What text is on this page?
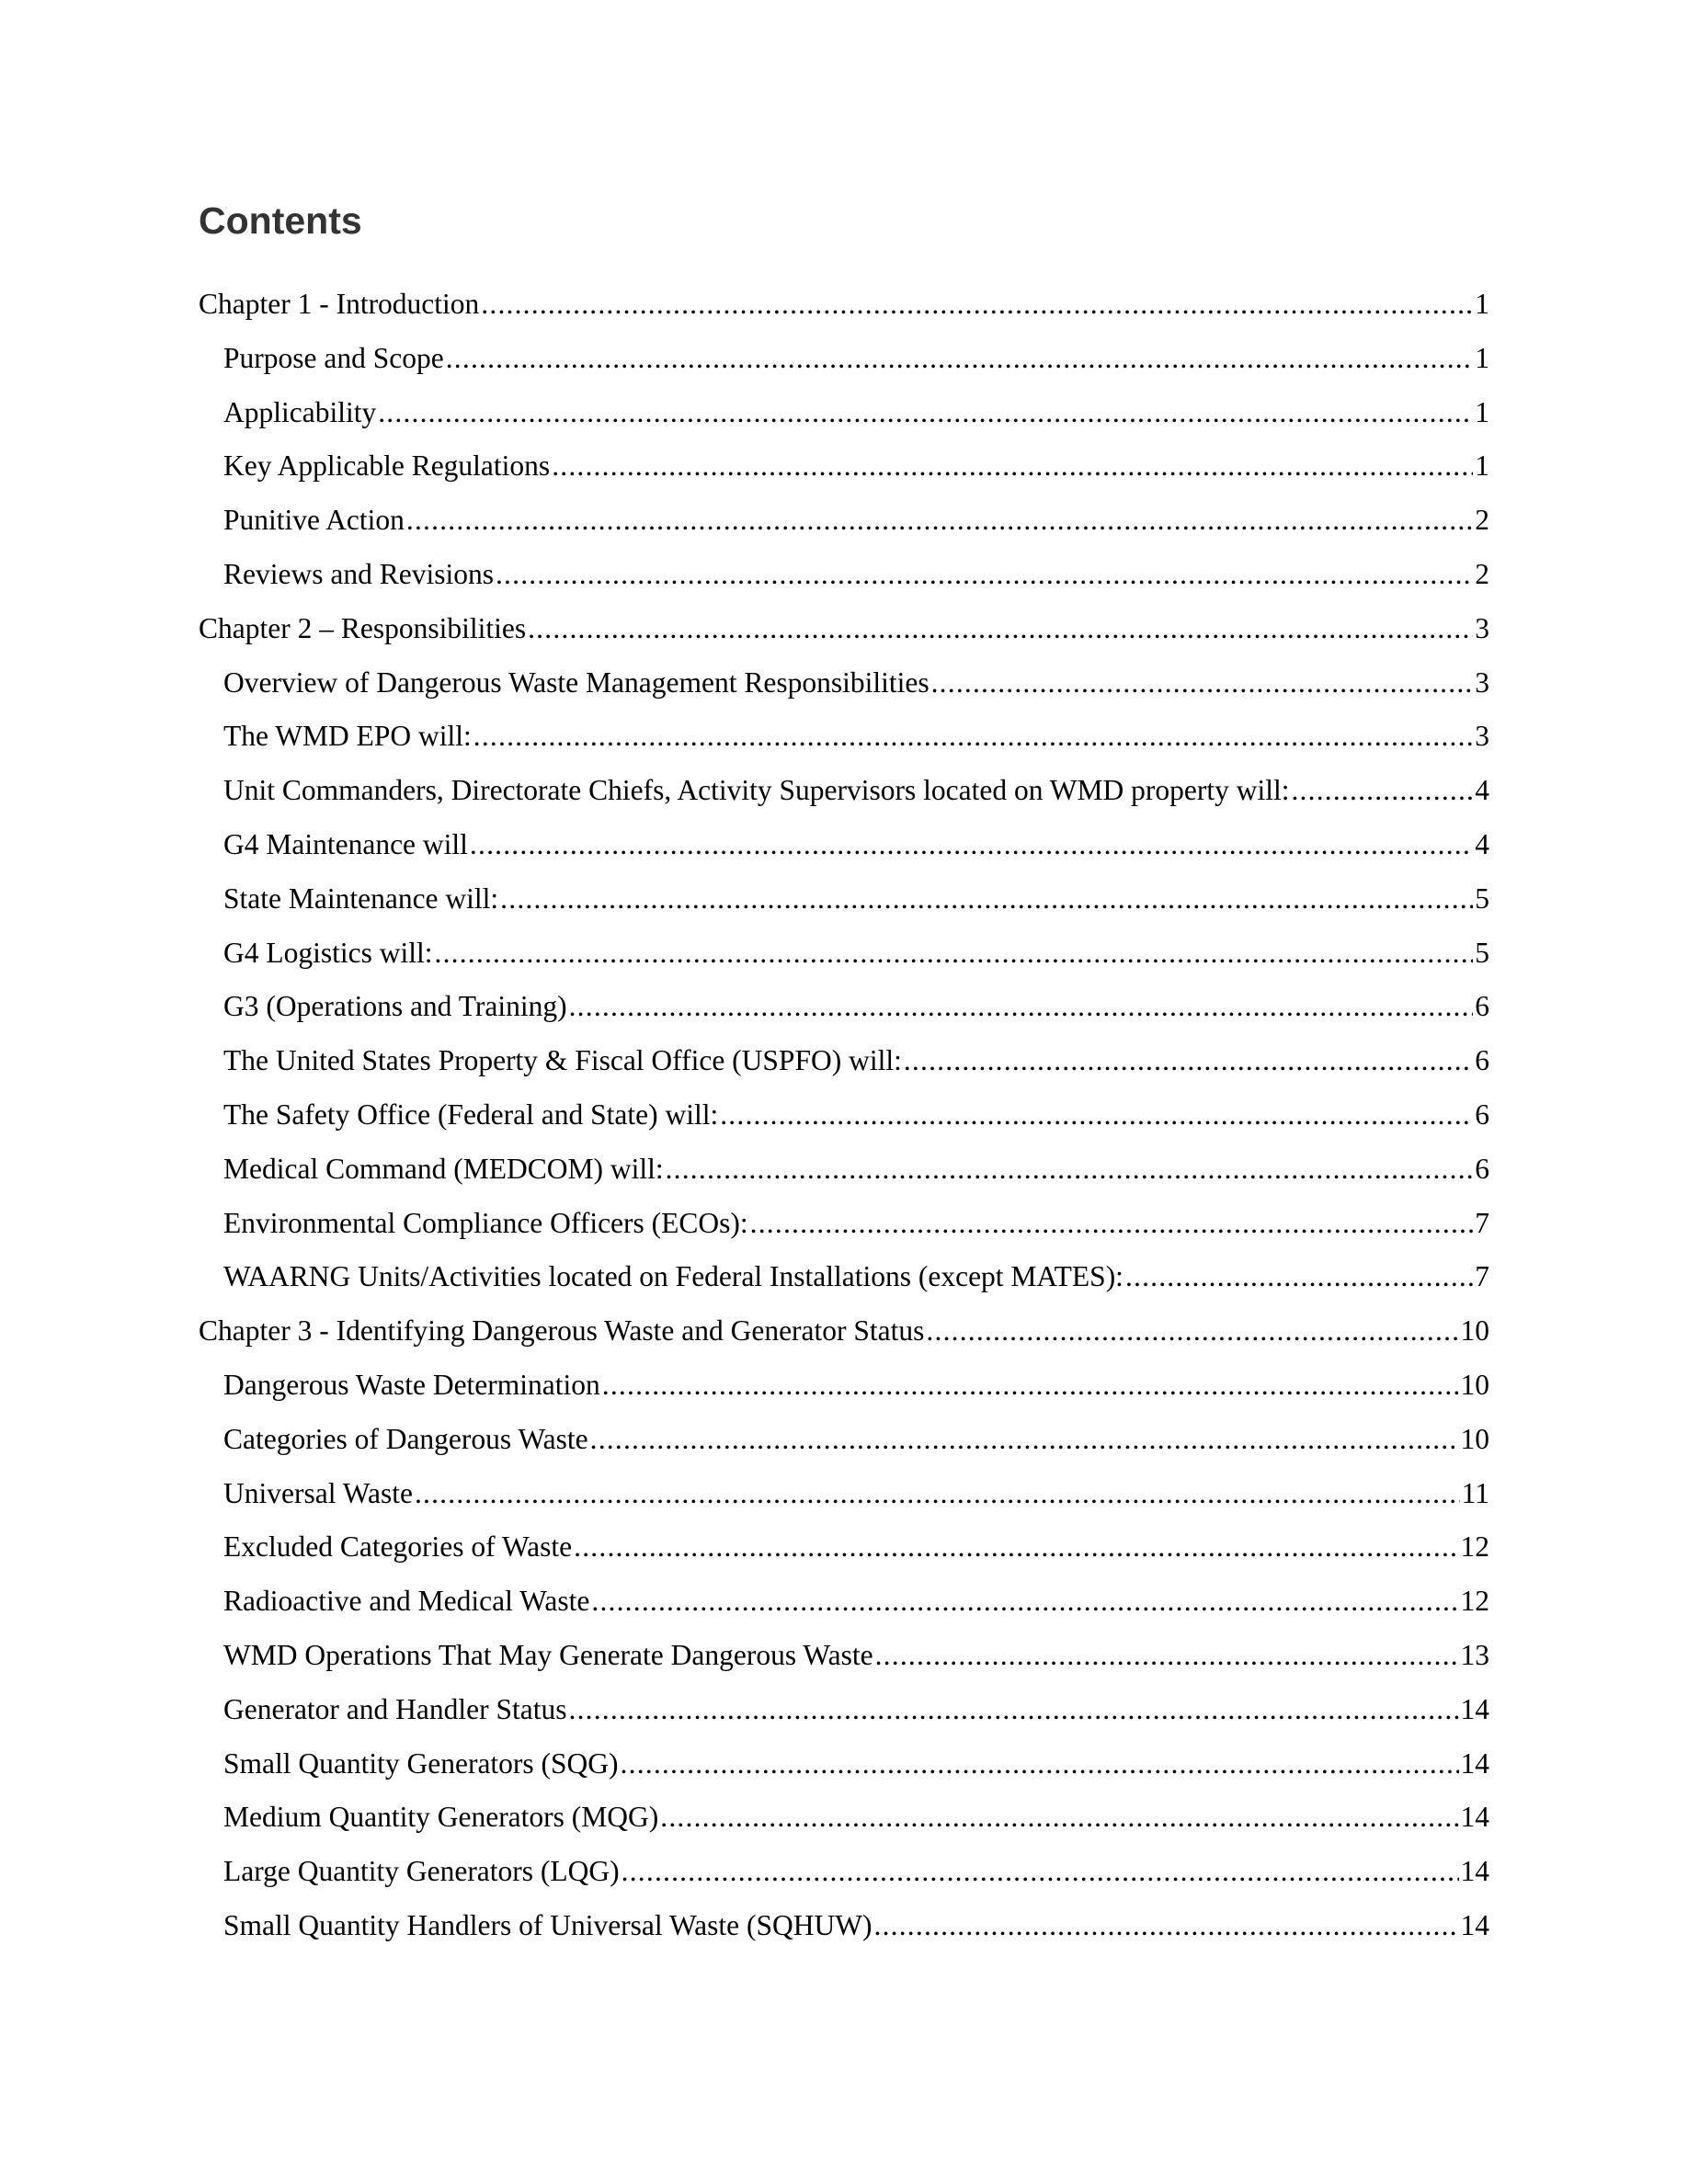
Contents
Chapter 1 - Introduction .....	1
Purpose and Scope .....	1
Applicability .....	1
Key Applicable Regulations .....	1
Punitive Action .....	2
Reviews and Revisions .....	2
Chapter 2 – Responsibilities .....	3
Overview of Dangerous Waste Management Responsibilities .....	3
The WMD EPO will: .....	3
Unit Commanders, Directorate Chiefs, Activity Supervisors located on WMD property will: .....	4
G4 Maintenance will .....	4
State Maintenance will: .....	5
G4 Logistics will: .....	5
G3 (Operations and Training) .....	6
The United States Property & Fiscal Office (USPFO) will: .....	6
The Safety Office (Federal and State) will: .....	6
Medical Command (MEDCOM) will: .....	6
Environmental Compliance Officers (ECOs): .....	7
WAARNG Units/Activities located on Federal Installations (except MATES): .....	7
Chapter 3 - Identifying Dangerous Waste and Generator Status .....	10
Dangerous Waste Determination .....	10
Categories of Dangerous Waste .....	10
Universal Waste .....	11
Excluded Categories of Waste .....	12
Radioactive and Medical Waste .....	12
WMD Operations That May Generate Dangerous Waste .....	13
Generator and Handler Status .....	14
Small Quantity Generators (SQG) .....	14
Medium Quantity Generators (MQG) .....	14
Large Quantity Generators (LQG) .....	14
Small Quantity Handlers of Universal Waste (SQHUW) .....	14
